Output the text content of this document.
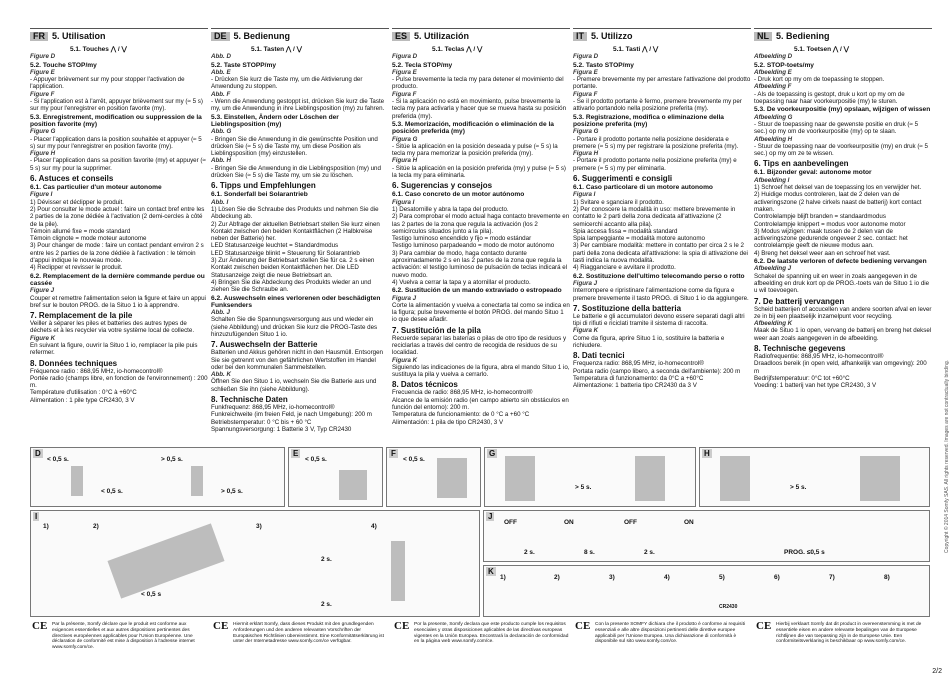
FR 5. Utilisation
5.1. Touches ⋀ / ⋁
Figure D
5.2. Touche STOP/my
Figure E
- Appuyer brièvement sur my pour stopper l'activation de l'application.
Figure F
- Si l'application est à l'arrêt, appuyer brièvement sur my (≈ 5 s) sur my pour l'enregistrer en position favorite (my).
5.3. Enregistrement, modification ou suppression de la position favorite (my)
Figure G
- Placer l'application dans la position souhaitée et appuyer (≈ 5 s) sur my pour l'enregistrer en position favorite (my).
Figure H
- Placer l'application dans sa position favorite (my) et appuyer (≈ 5 s) sur my pour la supprimer.
6. Astuces et conseils
6.1. Cas particulier d'un moteur autonome
Figure I
1) Dévisser et déclipper le produit.
2) Pour consulter le mode actuel : faire un contact bref entre les 2 parties de la zone dédiée à l'activation (2 demi-cercles à côté de la pile).
Témoin allumé fixe = mode standard
Témoin clignote = mode moteur autonome
3) Pour changer de mode : faire un contact pendant environ 2 s entre les 2 parties de la zone dédiée à l'activation : le témoin d'appui indique le nouveau mode.
4) Reclipper et revisser le produit.
6.2. Remplacement de la dernière commande perdue ou cassée
Figure J
Couper et remettre l'alimentation selon la figure et faire un appui bref sur le bouton PROG. de la Situo 1 io à apprendre.
7. Remplacement de la pile
Veiller à séparer les piles et batteries des autres types de déchets et à les recycler via votre système local de collecte.
Figure K
En suivant la figure, ouvrir la Situo 1 io, remplacer la pile puis refermer.
8. Données techniques
Fréquence radio : 868,95 MHz, io-homecontrol®
Portée radio (champs libre, en fonction de l'environnement) : 200 m.
Température d'utilisation : 0°C à +60°C
Alimentation : 1 pile type CR2430, 3 V
DE 5. Bedienung
5.1. Tasten ⋀ / ⋁
Abb. D
5.2. Taste STOPP/my
Abb. E
- Drücken Sie kurz die Taste my, um die Aktivierung der Anwendung zu stoppen.
Abb. F
- Wenn die Anwendung gestoppt ist, drücken Sie kurz die Taste my, um die Anwendung in ihre Lieblingsposition (my) zu fahren.
5.3. Einstellen, Ändern oder Löschen der Lieblingsposition (my)
Abb. G
- Bringen Sie die Anwendung in die gewünschte Position und drücken Sie (≈ 5 s) die Taste my, um diese Position als Lieblingsposition (my) einzustellen.
Abb. H
- Bringen Sie die Anwendung in die Lieblingsposition (my) und drücken Sie (≈ 5 s) die Taste my, um sie zu löschen.
6. Tipps und Empfehlungen
6.1. Sonderfall bei Solarantrieb
Abb. I
1) Lösen Sie die Schraube des Produkts und nehmen Sie die Abdeckung ab.
2) Zur Abfrage der aktuellen Betriebsart stellen Sie kurz einen Kontakt zwischen den beiden Kontaktflächen (2 Halbkreise neben der Batterie) her.
LED Statusanzeige leuchtet = Standardmodus
LED Statusanzeige blinkt = Steuerung für Solarantrieb
3) Zur Änderung der Betriebsart stellen Sie für ca. 2 s einen Kontakt zwischen beiden Kontaktflächen her. Die LED Statusanzeige zeigt die neue Betriebsart an.
4) Bringen Sie die Abdeckung des Produkts wieder an und ziehen Sie die Schraube an.
6.2. Auswechseln eines verlorenen oder beschädigten Funksenders
Abb. J
Schalten Sie die Spannungsversorgung aus und wieder ein (siehe Abbildung) und drücken Sie kurz die PROG-Taste des hinzuzufügenden Situo 1 io.
7. Auswechseln der Batterie
Batterien und Akkus gehören nicht in den Hausmüll. Entsorgen Sie sie getrennt von den gefährlichen Wertstoffen im Handel oder bei den kommunalen Sammelstellen.
Abb. K
Öffnen Sie den Situo 1 io, wechseln Sie die Batterie aus und schließen Sie ihn (siehe Abbildung).
8. Technische Daten
Funkfrequenz: 868,95 MHz, io-homecontrol®
Funkreichweite (im freien Feld, je nach Umgebung): 200 m
Betriebstemperatur: 0 °C bis + 60 °C
Spannungsversorgung: 1 Batterie 3 V, Typ CR2430
ES 5. Utilización
5.1. Teclas ⋀ / ⋁
Figura D
5.2. Tecla STOP/my
Figura E
- Pulse brevemente la tecla my para detener el movimiento del producto.
Figura F
- Si la aplicación no está en movimiento, pulse brevemente la tecla my para activarla y hacer que se mueva hasta su posición preferida (my).
5.3. Memorización, modificación o eliminación de la posición preferida (my)
Figura G
- Sitúe la aplicación en la posición deseada y pulse (≈ 5 s) la tecla my para memorizar la posición preferida (my).
Figura H
- Sitúe la aplicación en la posición preferida (my) y pulse (≈ 5 s) la tecla my para eliminarla.
6. Sugerencias y consejos
6.1. Caso concreto de un motor autónomo
Figura I
1) Desatornille y abra la tapa del producto.
2) Para comprobar el modo actual haga contacto brevemente en las 2 partes de la zona que regula la activación (los 2 semicírculos situados junto a la pila).
Testigo luminoso encendido y fijo = modo estándar
Testigo luminoso parpadeando = modo de motor autónomo
3) Para cambiar de modo, haga contacto durante aproximadamente 2 s en las 2 partes de la zona que regula la activación: el testigo luminoso de pulsación de teclas indicará el nuevo modo.
4) Vuelva a cerrar la tapa y a atornillar el producto.
6.2. Sustitución de un mando extraviado o estropeado
Figura J
Corte la alimentación y vuelva a conectarla tal como se indica en la figura; pulse brevemente el botón PROG. del mando Situo 1 io que desee añadir.
7. Sustitución de la pila
Recuerde separar las baterías o pilas de otro tipo de residuos y reciclarlas a través del centro de recogida de residuos de su localidad.
Figura K
Siguiendo las indicaciones de la figura, abra el mando Situo 1 io, sustituya la pila y vuelva a cerrarlo.
8. Datos técnicos
Frecuencia de radio: 868,95 MHz, io-homecontrol®
Alcance de la emisión radio (en campo abierto sin obstáculos en función del entorno): 200 m.
Temperatura de funcionamiento: de 0 °C a +60 °C
Alimentación: 1 pila de tipo CR2430, 3 V
IT 5. Utilizzo
5.1. Tasti ⋀ / ⋁
Figura D
5.2. Tasto STOP/my
Figura E
- Premere brevemente my per arrestare l'attivazione del prodotto portante.
Figura F
- Se il prodotto portante è fermo, premere brevemente my per attivarlo portandolo nella posizione preferita (my).
5.3. Registrazione, modifica o eliminazione della posizione preferita (my)
Figura G
- Portare il prodotto portante nella posizione desiderata e premere (≈ 5 s) my per registrare la posizione preferita (my).
Figura H
- Portare il prodotto portante nella posizione preferita (my) e premere (≈ 5 s) my per eliminarla.
6. Suggerimenti e consigli
6.1. Caso particolare di un motore autonomo
Figura I
1) Svitare e sganciare il prodotto.
2) Per conoscere la modalità in uso: mettere brevemente in contatto le 2 parti della zona dedicata all'attivazione (2 semicerchi accanto alla pila).
Spia accesa fissa = modalità standard
Spia lampeggiante = modalità motore autonomo
3) Per cambiare modalità: mettere in contatto per circa 2 s le 2 parti della zona dedicata all'attivazione: la spia di attivazione dei tasti indica la nuova modalità.
4) Riagganciare e avvitare il prodotto.
6.2. Sostituzione dell'ultimo telecomando perso o rotto
Figura J
Interrompere e ripristinare l'alimentazione come da figura e premere brevemente il tasto PROG. di Situo 1 io da aggiungere.
7. Sostituzione della batteria
Le batterie e gli accumulatori devono essere separati dagli altri tipi di rifiuti e riciclati tramite il sistema di raccolta.
Figura K
Come da figura, aprire Situo 1 io, sostituire la batteria e richiudere.
8. Dati tecnici
Frequenza radio: 868,95 MHz, io-homecontrol®
Portata radio (campo libero, a seconda dell'ambiente): 200 m
Temperatura di funzionamento: da 0°C a +60°C
Alimentazione: 1 batteria tipo CR2430 da 3 V
NL 5. Bediening
5.1. Toetsen ⋀ / ⋁
Afbeelding D
5.2. STOP-toets/my
Afbeelding E
- Druk kort op my om de toepassing te stoppen.
Afbeelding F
- Als de toepassing is gestopt, druk u kort op my om de toepassing naar haar voorkeurpositie (my) te sturen.
5.3. De voorkeurpositie (my) opslaan, wijzigen of wissen
Afbeelding G
- Stuur de toepassing naar de gewenste positie en druk (≈ 5 sec.) op my om de voorkeurpositie (my) op te slaan.
Afbeelding H
- Stuur de toepassing naar de voorkeurpositie (my) en druk (≈ 5 sec.) op my om ze te wissen.
6. Tips en aanbevelingen
6.1. Bijzonder geval: autonome motor
Afbeelding I
1) Schroef het deksel van de toepassing los en verwijder het.
2) Huidige modus controleren, laat de 2 delen van de activeringszone (2 halve cirkels naast de batterij) kort contact maken.
Controlelampje blijft branden = standaardmodus
Controlelampje knippert = modus voor autonome motor
3) Modus wijzigen: maak tussen de 2 delen van de activeringszone gedurende ongeveer 2 sec. contact: het controlelampje geeft de nieuwe modus aan.
4) Breng het deksel weer aan en schroef het vast.
6.2. De laatste verloren of defecte bediening vervangen
Afbeelding J
Schakel de spanning uit en weer in zoals aangegeven in de afbeelding en druk kort op de PROG.-toets van de Situo 1 io die u wil toevoegen.
7. De batterij vervangen
Scheid batterijen of accucellen van andere soorten afval en lever ze in bij een plaatselijk inzamelpunt voor recycling.
Afbeelding K
Maak de Situo 1 io open, vervang de batterij en breng het deksel weer aan zoals aangegeven in de afbeelding.
8. Technische gegevens
Radiofrequentie: 868,95 MHz, io-homecontrol®
Draadloos bereik (in open veld, afhankelijk van omgeving): 200 m
Bedrijfstemperatuur: 0°C tot +60°C
Voeding: 1 batterij van het type CR2430, 3 V
D
< 0,5 s.	> 0,5 s.
< 0,5 s.	> 0,5 s.
E
< 0,5 s.
F
< 0,5 s.
G
> 5 s.
H
> 5 s.
I
1)	2)	3)	4)
< 0,5 s
2 s.
2 s.
J
OFF	ON	OFF	ON
2 s.	8 s.	2 s.	PROG. ≤0,5 s
K
1)	2)	3)	4)	5)	6)	7)	8)
CR2430
CE Par la présente, Somfy déclare que le produit est conforme aux exigences essentielles et aux autres dispositions pertinentes des directives européennes applicables pour l'Union Européenne. Une déclaration de conformité est mise à disposition à l'adresse internet www.somfy.com/ce.
CE Hiermit erklärt Somfy, dass dieses Produkt mit den grundlegenden Anforderungen und den anderen relevanten Vorschriften der Europäischen Richtlinien übereinstimmt. Eine Konformitätserklärung ist unter der Internetadresse www.somfy.com/ce verfügbar.
CE Por la presente, Somfy declara que este producto cumple los requisitos esenciales y otras disposiciones aplicables de las directivas europeas vigentes en la Unión Europea. Encontrará la declaración de conformidad en la página web www.somfy.com/ce.
CE Con la presente SOMFY dichiara che il prodotto è conforme ai requisiti essenziali e alle altre disposizioni pertinenti delle direttive europee applicabili per l'Unione Europea. Una dichiarazione di conformità è disponibile sul sito www.somfy.com/ce.
CE Hierbij verklaart Somfy dat dit product in overeenstemming is met de essentiële eisen en andere relevante bepalingen van de Europese richtlijnen die van toepassing zijn in de Europese Unie. Een conformiteitsverklaring is beschikbaar op www.somfy.com/ce.
Copyright © 2014 Somfy SAS. All rights reserved. Images are not contractually binding.
2/2
